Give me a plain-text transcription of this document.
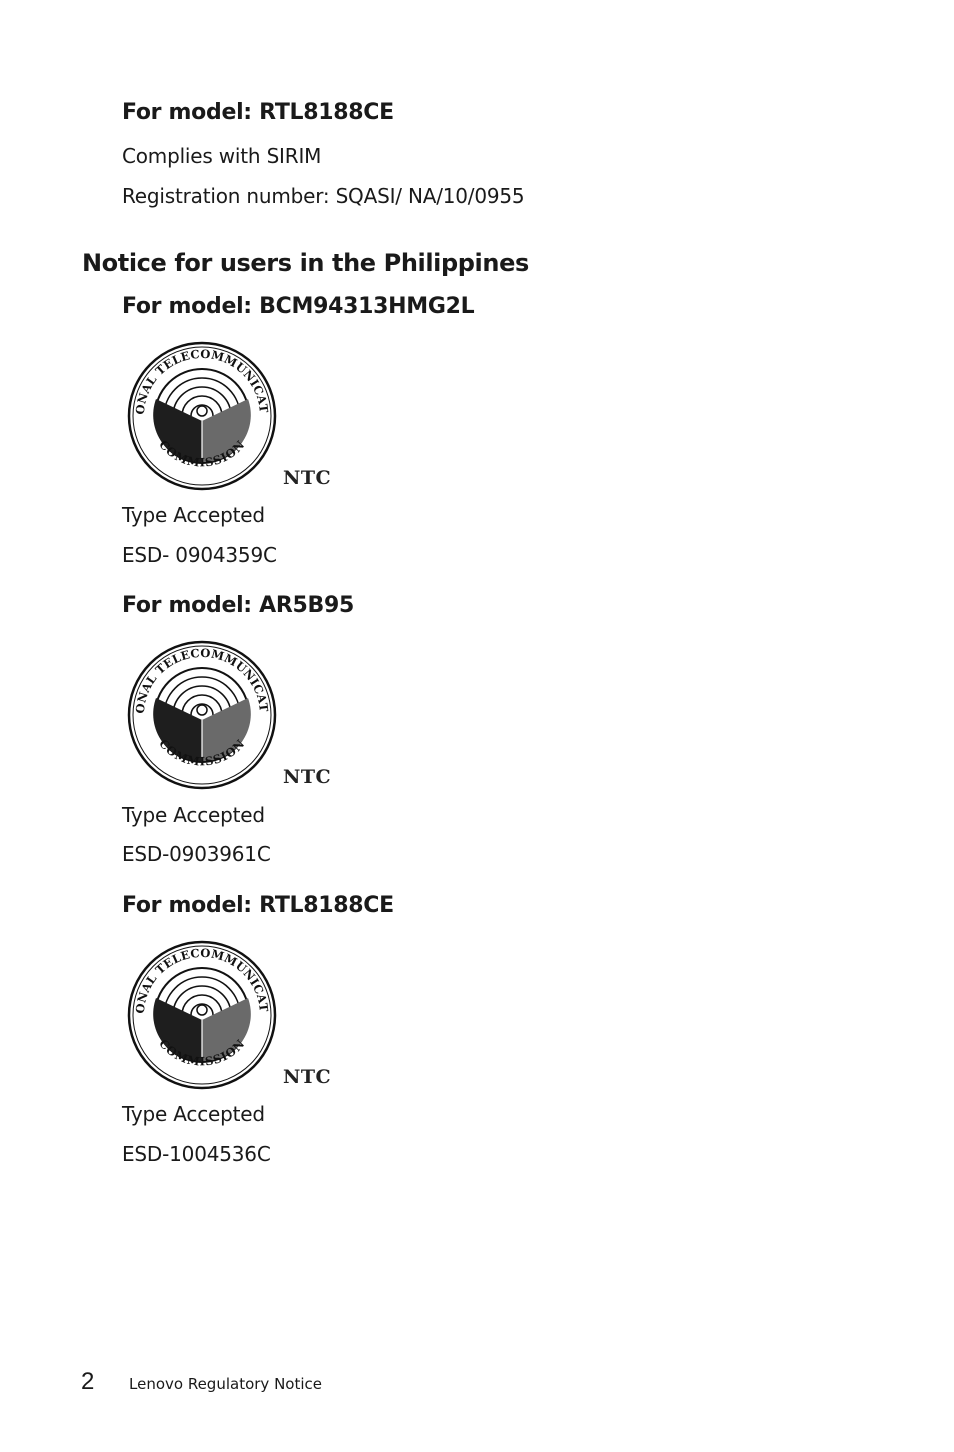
For model: RTL8188CE
Complies with SIRIM
Registration number: SQASI/ NA/10/0955
Notice for users in the Philippines
For model: BCM94313HMG2L
ONAL TELECOMMUNICAT
COMMISSION
NTC
Type Accepted
ESD- 0904359C
For model: AR5B95
ONAL TELECOMMUNICAT
COMMISSION
NTC
Type Accepted
ESD-0903961C
For model: RTL8188CE
ONAL TELECOMMUNICAT
COMMISSION
NTC
Type Accepted
ESD-1004536C
2 Lenovo Regulatory Notice
